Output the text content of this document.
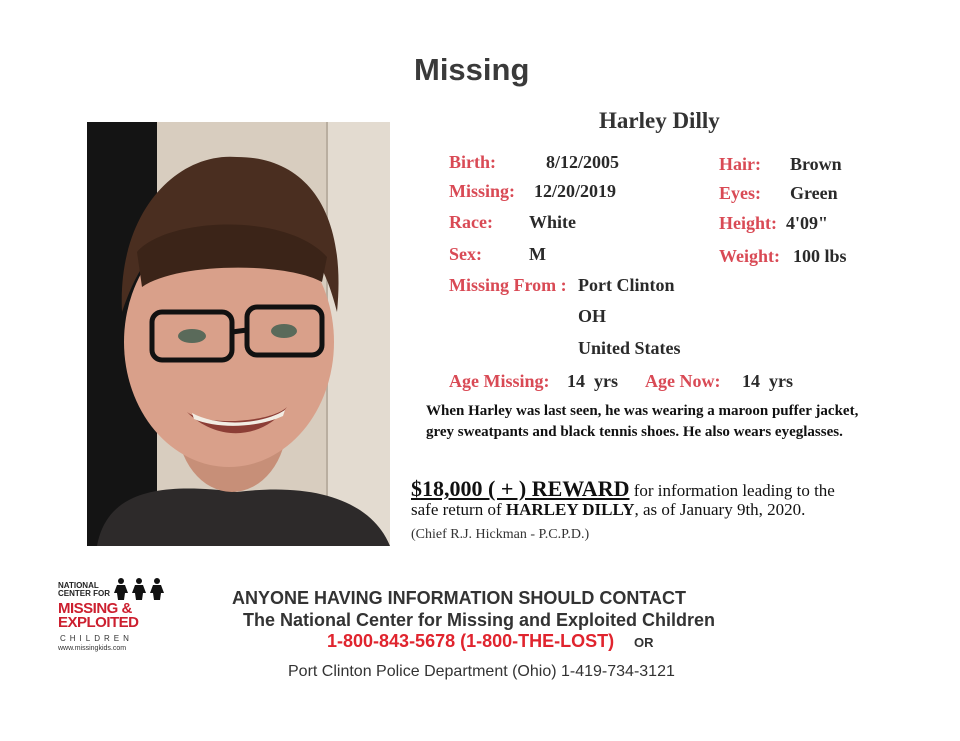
Missing
Harley Dilly
Birth:	8/12/2005
Missing: 12/20/2019
Race: White
Sex:	M
Missing From : Port Clinton
OH
United States
Age Missing: 14  yrs Age Now: 14  yrs
Hair: Brown
Eyes: Green
Height: 4'09"
Weight: 100 lbs
When Harley was last seen, he was wearing a maroon puffer jacket, grey sweatpants and black tennis shoes. He also wears eyeglasses.
$18,000 ( + ) REWARD for information leading to the
safe return of HARLEY DILLY, as of January 9th, 2020.
(Chief R.J. Hickman - P.C.P.D.)
NATIONAL
CENTER FOR
MISSING &
EXPLOITED
CHILDREN
www.missingkids.com
ANYONE HAVING INFORMATION SHOULD CONTACT
The National Center for Missing and Exploited Children
1-800-843-5678 (1-800-THE-LOST) OR
Port Clinton Police Department (Ohio) 1-419-734-3121
